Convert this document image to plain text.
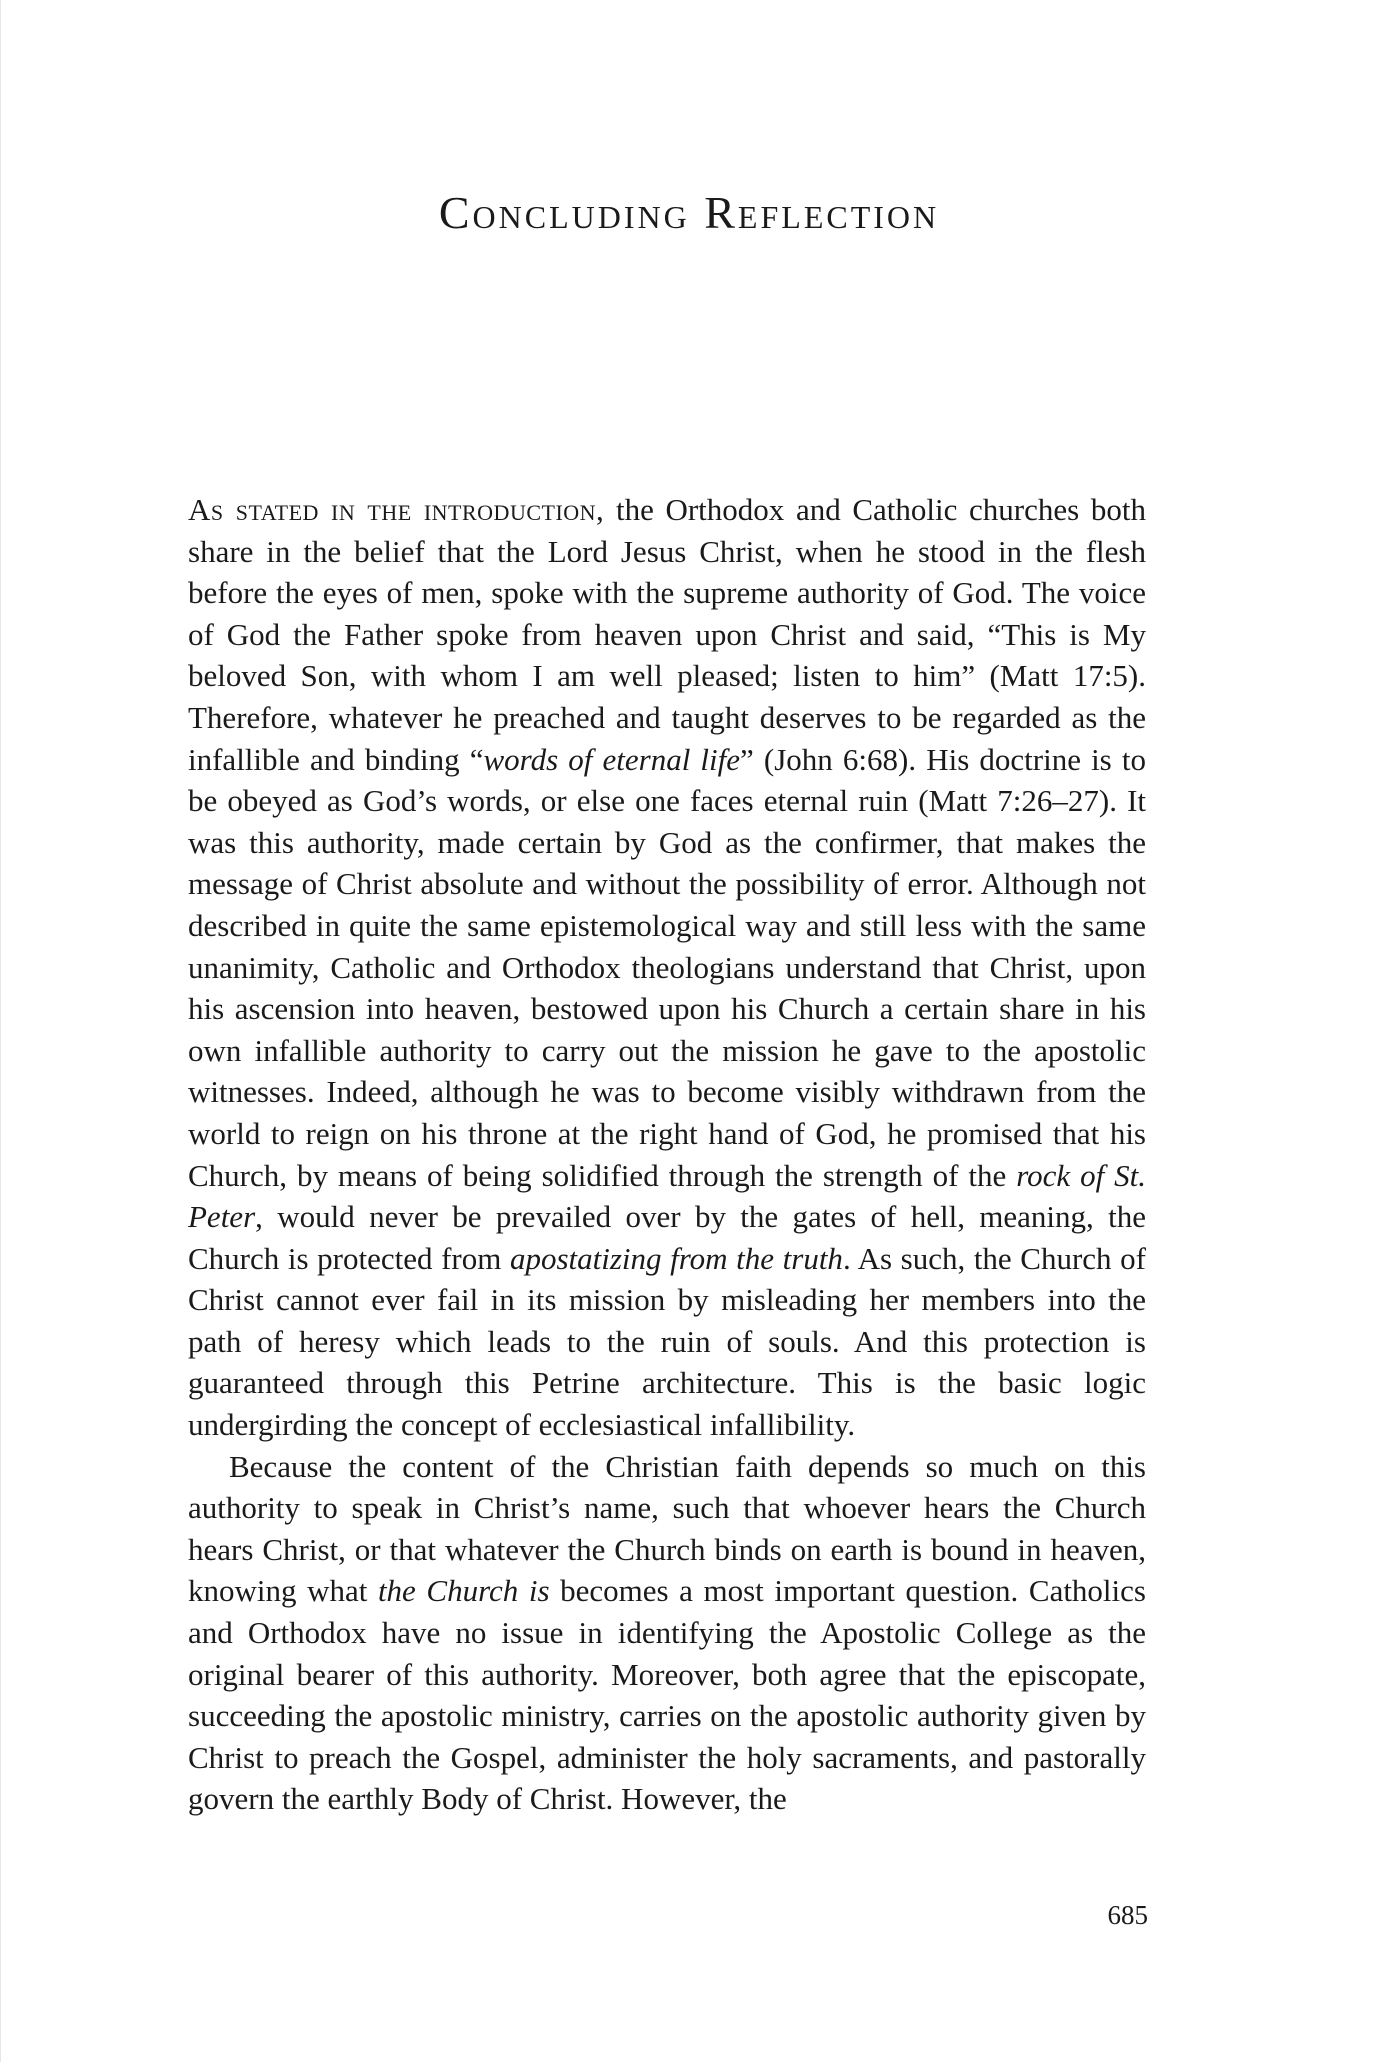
Concluding Reflection

As stated in the introduction, the Orthodox and Catholic churches both share in the belief that the Lord Jesus Christ, when he stood in the flesh before the eyes of men, spoke with the supreme authority of God. The voice of God the Father spoke from heaven upon Christ and said, “This is My beloved Son, with whom I am well pleased; listen to him” (Matt 17:5). Therefore, whatever he preached and taught deserves to be regarded as the infallible and binding “words of eternal life” (John 6:68). His doctrine is to be obeyed as God’s words, or else one faces eternal ruin (Matt 7:26–27). It was this authority, made certain by God as the confirmer, that makes the message of Christ absolute and without the possibility of error. Although not described in quite the same epistemological way and still less with the same unanimity, Catholic and Orthodox theologians understand that Christ, upon his ascension into heaven, bestowed upon his Church a certain share in his own infallible authority to carry out the mission he gave to the apostolic witnesses. Indeed, although he was to become visibly withdrawn from the world to reign on his throne at the right hand of God, he promised that his Church, by means of being solidified through the strength of the rock of St. Peter, would never be prevailed over by the gates of hell, meaning, the Church is protected from apostatizing from the truth. As such, the Church of Christ cannot ever fail in its mission by misleading her members into the path of heresy which leads to the ruin of souls. And this protection is guaranteed through this Petrine architecture. This is the basic logic undergirding the concept of ecclesiastical infallibility.

Because the content of the Christian faith depends so much on this authority to speak in Christ’s name, such that whoever hears the Church hears Christ, or that whatever the Church binds on earth is bound in heaven, knowing what the Church is becomes a most important question. Catholics and Orthodox have no issue in identifying the Apostolic College as the original bearer of this authority. Moreover, both agree that the episcopate, succeeding the apostolic ministry, carries on the apostolic authority given by Christ to preach the Gospel, administer the holy sacraments, and pastorally govern the earthly Body of Christ. However, the

685
